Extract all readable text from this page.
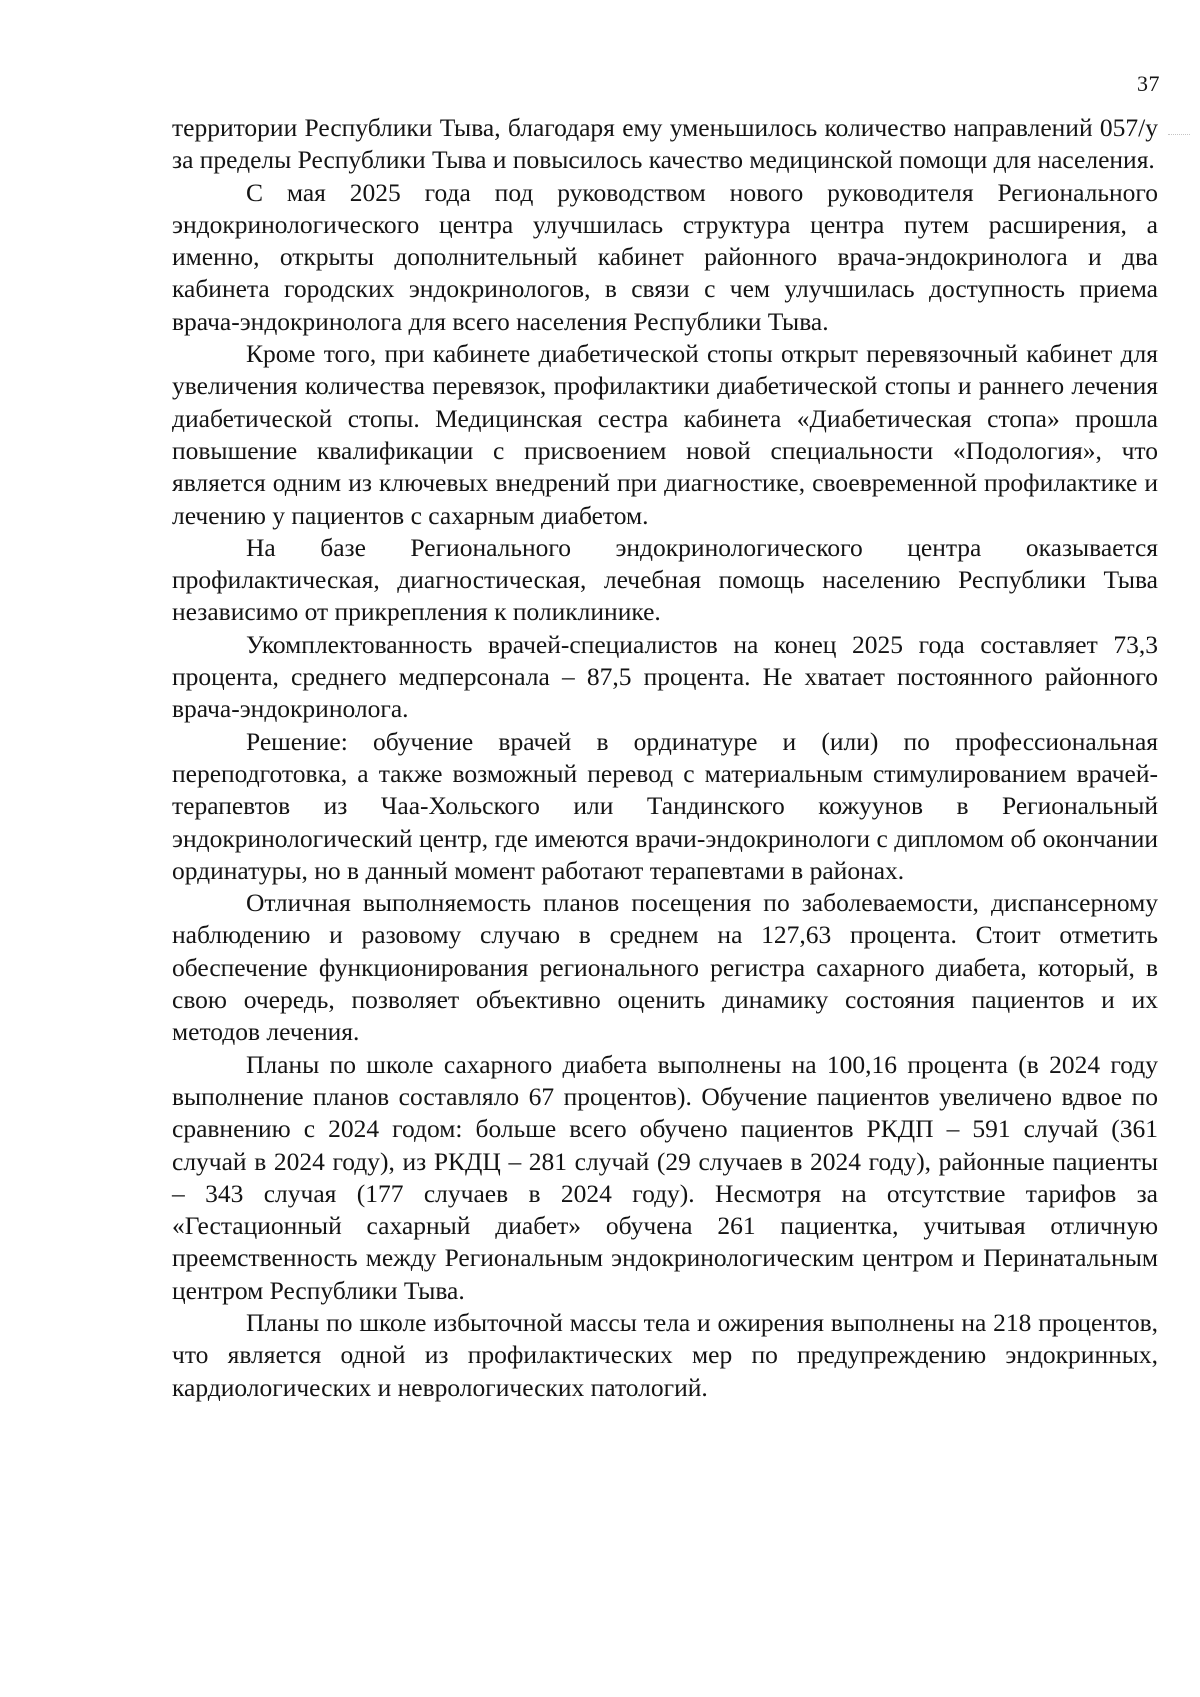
37

территории Республики Тыва, благодаря ему уменьшилось количество направлений 057/у за пределы Республики Тыва и повысилось качество медицинской помощи для населения.

С мая 2025 года под руководством нового руководителя Регионального эндокринологического центра улучшилась структура центра путем расширения, а именно, открыты дополнительный кабинет районного врача-эндокринолога и два кабинета городских эндокринологов, в связи с чем улучшилась доступность приема врача-эндокринолога для всего населения Республики Тыва.

Кроме того, при кабинете диабетической стопы открыт перевязочный кабинет для увеличения количества перевязок, профилактики диабетической стопы и раннего лечения диабетической стопы. Медицинская сестра кабинета «Диабетическая стопа» прошла повышение квалификации с присвоением новой специальности «Подология», что является одним из ключевых внедрений при диагностике, своевременной профилактике и лечению у пациентов с сахарным диабетом.

На базе Регионального эндокринологического центра оказывается профилактическая, диагностическая, лечебная помощь населению Республики Тыва независимо от прикрепления к поликлинике.

Укомплектованность врачей-специалистов на конец 2025 года составляет 73,3 процента, среднего медперсонала – 87,5 процента. Не хватает постоянного районного врача-эндокринолога.

Решение: обучение врачей в ординатуре и (или) по профессиональная переподготовка, а также возможный перевод с материальным стимулированием врачей-терапевтов из Чаа-Хольского или Тандинского кожуунов в Региональный эндокринологический центр, где имеются врачи-эндокринологи с дипломом об окончании ординатуры, но в данный момент работают терапевтами в районах.

Отличная выполняемость планов посещения по заболеваемости, диспансерному наблюдению и разовому случаю в среднем на 127,63 процента. Стоит отметить обеспечение функционирования регионального регистра сахарного диабета, который, в свою очередь, позволяет объективно оценить динамику состояния пациентов и их методов лечения.

Планы по школе сахарного диабета выполнены на 100,16 процента (в 2024 году выполнение планов составляло 67 процентов). Обучение пациентов увеличено вдвое по сравнению с 2024 годом: больше всего обучено пациентов РКДП – 591 случай (361 случай в 2024 году), из РКДЦ – 281 случай (29 случаев в 2024 году), районные пациенты – 343 случая (177 случаев в 2024 году). Несмотря на отсутствие тарифов за «Гестационный сахарный диабет» обучена 261 пациентка, учитывая отличную преемственность между Региональным эндокринологическим центром и Перинатальным центром Республики Тыва.

Планы по школе избыточной массы тела и ожирения выполнены на 218 процентов, что является одной из профилактических мер по предупреждению эндокринных, кардиологических и неврологических патологий.
